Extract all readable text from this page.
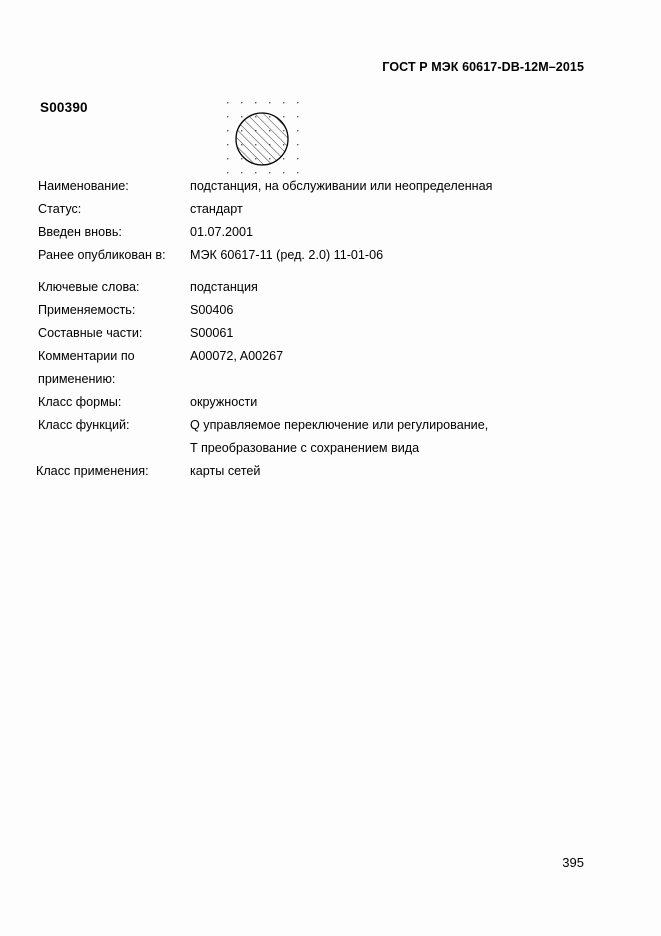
ГОСТ Р МЭК 60617-DB-12M–2015
S00390
Наименование:	подстанция, на обслуживании или неопределенная
Статус:	стандарт
Введен вновь:	01.07.2001
Ранее опубликован в: МЭК 60617-11 (ред. 2.0) 11-01-06
Ключевые слова:	подстанция
Применяемость:	S00406
Составные части:	S00061
Комментарии по	A00072, A00267
применению:
Класс формы:	окружности
Класс функций:	Q управляемое переключение или регулирование,
T преобразование с сохранением вида
Класс применения:	карты сетей
395
